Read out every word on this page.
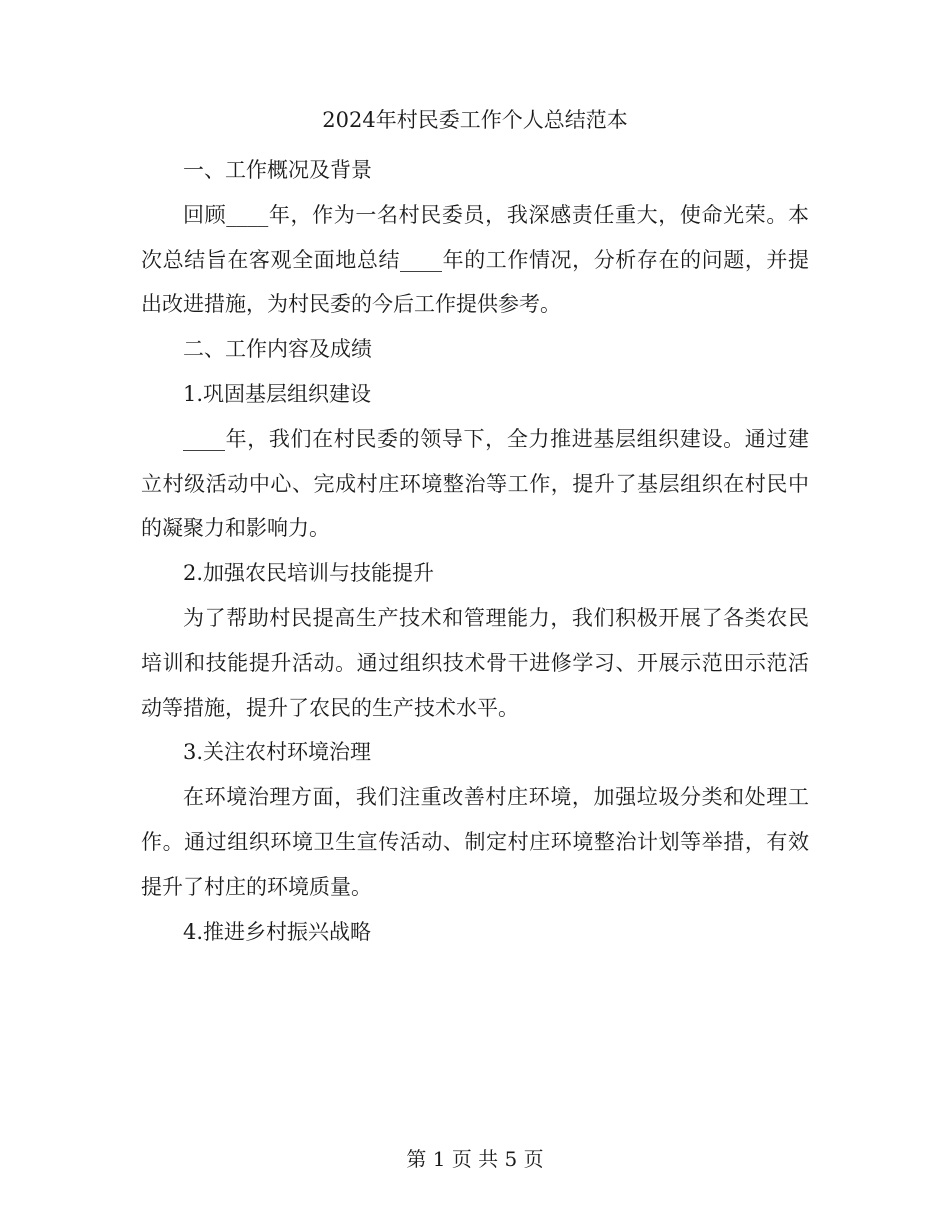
2024年村民委工作个人总结范本

一、工作概况及背景

回顾____年，作为一名村民委员，我深感责任重大，使命光荣。本次总结旨在客观全面地总结____年的工作情况，分析存在的问题，并提出改进措施，为村民委的今后工作提供参考。

二、工作内容及成绩

1.巩固基层组织建设

____年，我们在村民委的领导下，全力推进基层组织建设。通过建立村级活动中心、完成村庄环境整治等工作，提升了基层组织在村民中的凝聚力和影响力。

2.加强农民培训与技能提升

为了帮助村民提高生产技术和管理能力，我们积极开展了各类农民培训和技能提升活动。通过组织技术骨干进修学习、开展示范田示范活动等措施，提升了农民的生产技术水平。

3.关注农村环境治理

在环境治理方面，我们注重改善村庄环境，加强垃圾分类和处理工作。通过组织环境卫生宣传活动、制定村庄环境整治计划等举措，有效提升了村庄的环境质量。

4.推进乡村振兴战略

第 1 页 共 5 页
